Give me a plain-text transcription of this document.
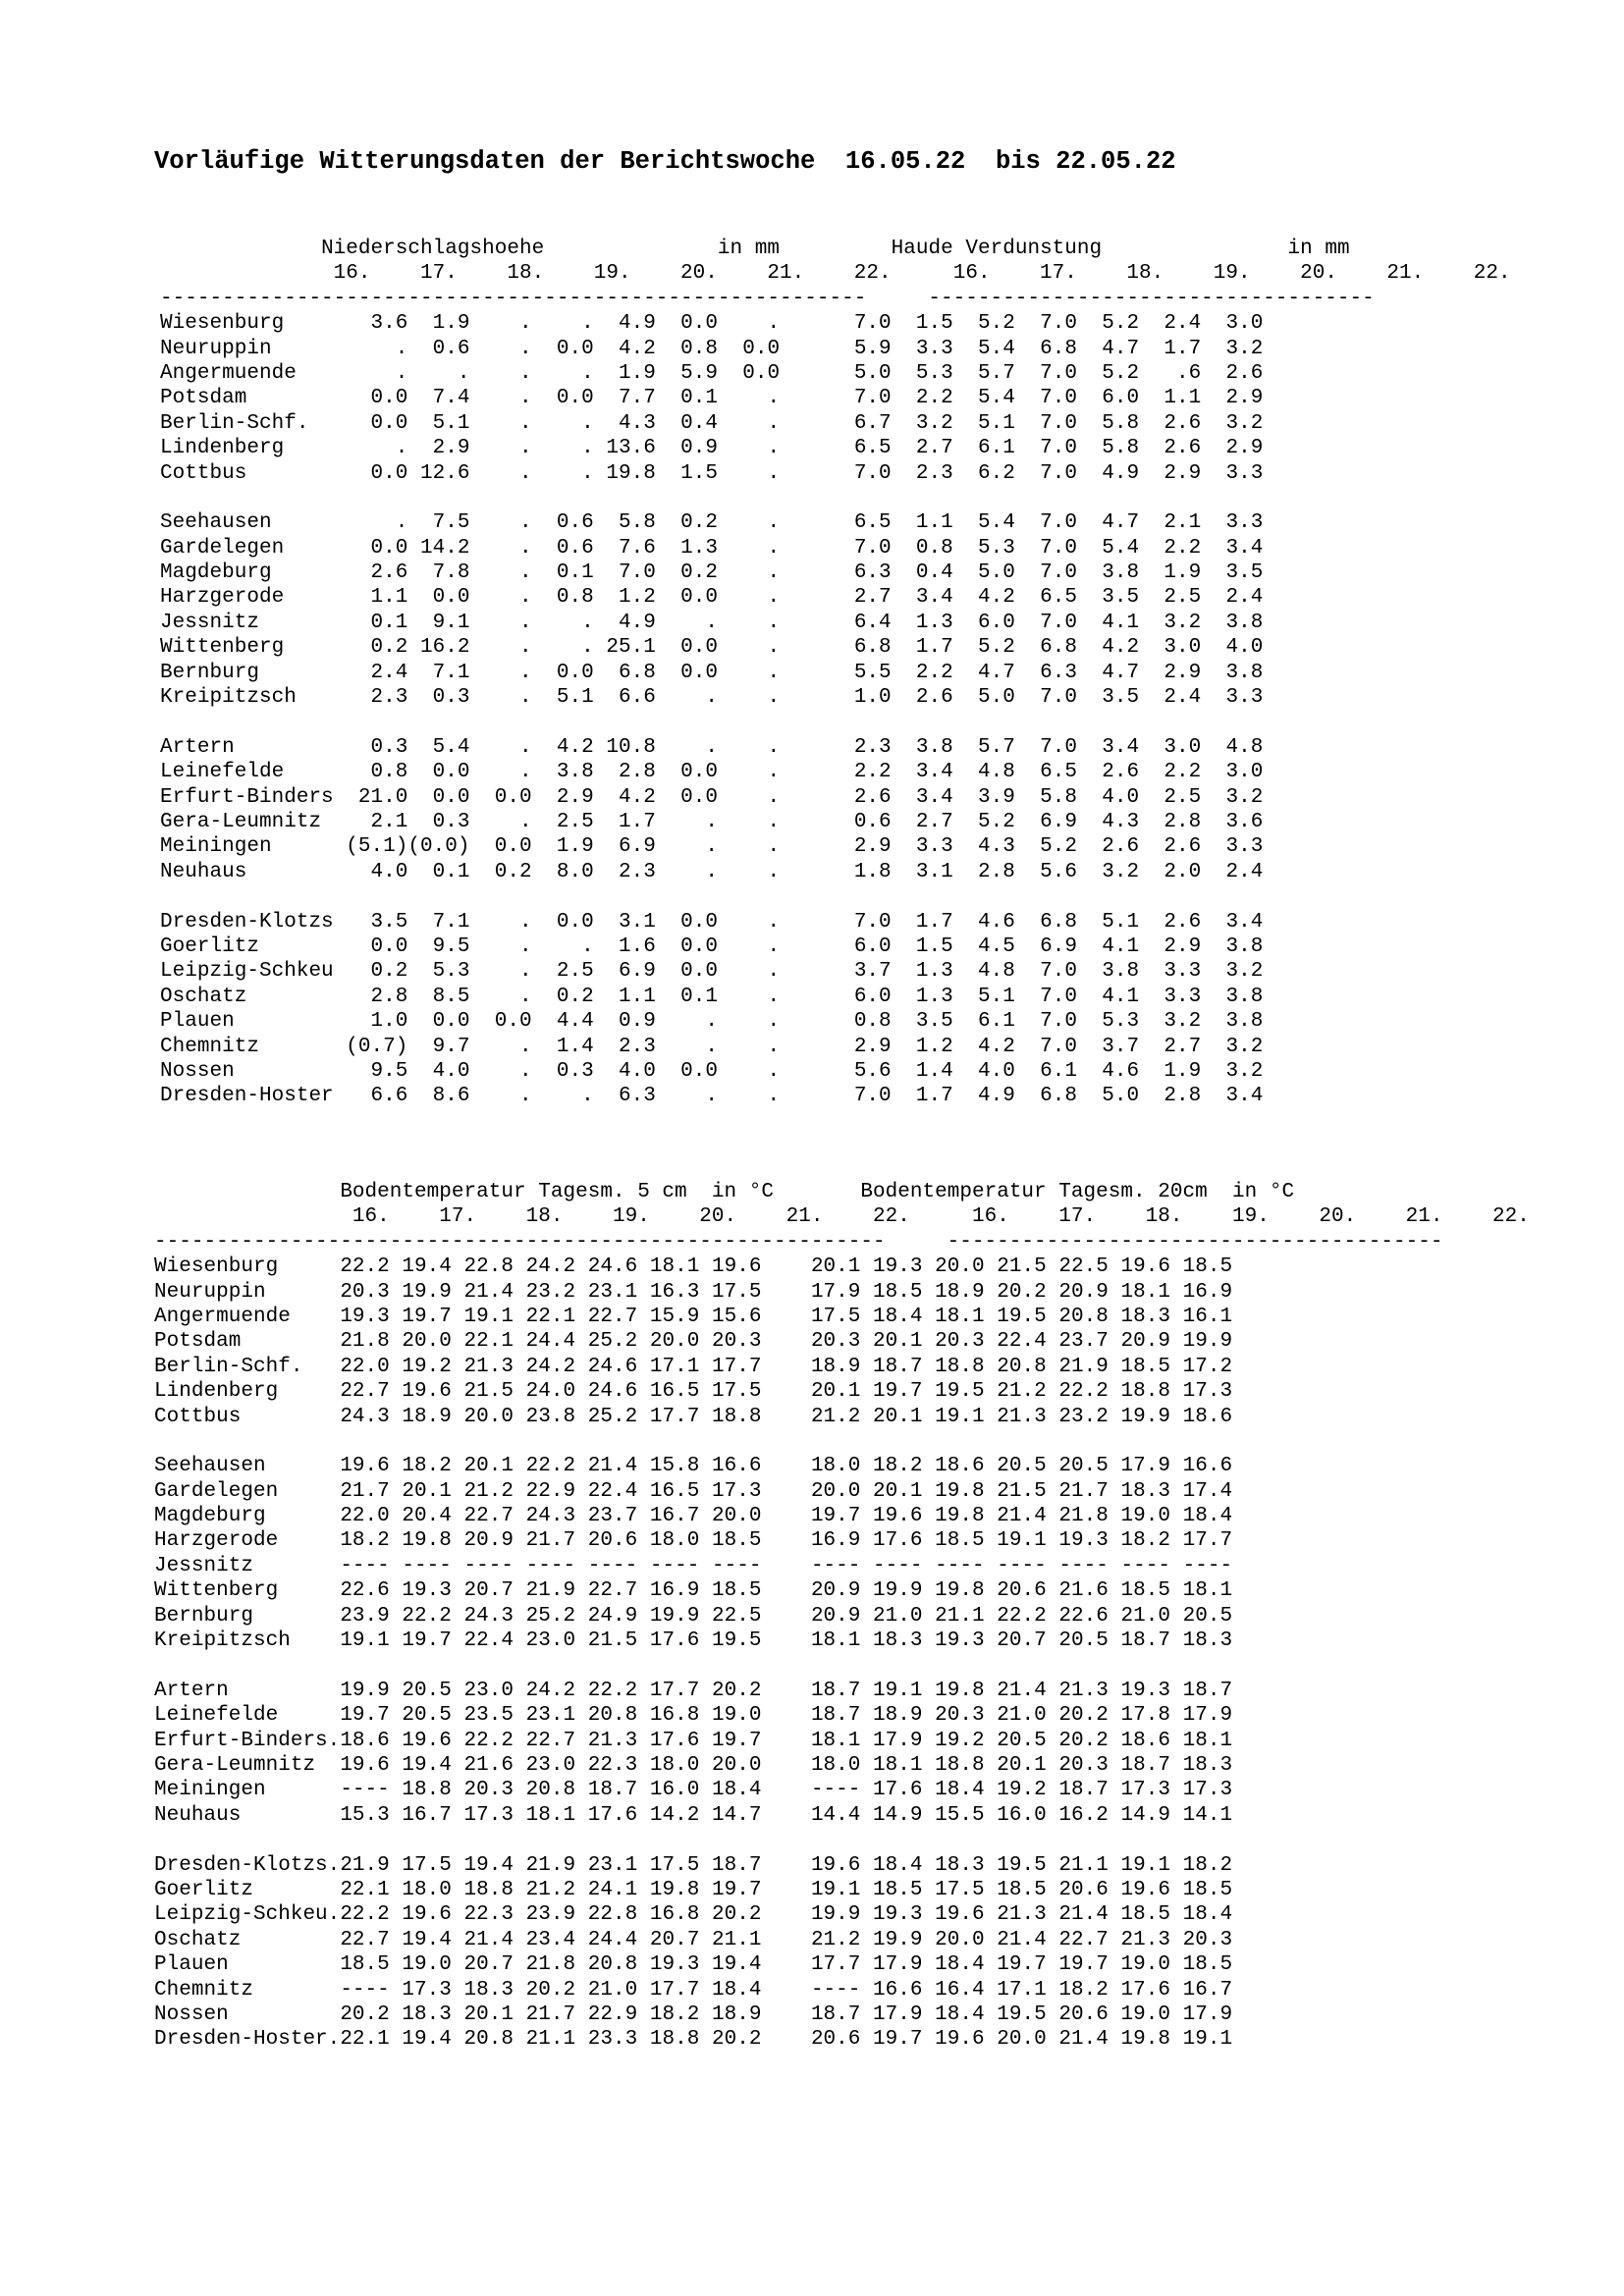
Vorläufige Witterungsdaten der Berichtswoche  16.05.22  bis 22.05.22
Niederschlagshoehe	in mm	Haude Verdunstung	in mm
16.    17.    18.    19.    20.    21.    22.     16.    17.    18.    19.    20.    21.    22.
---------------------------------------------------------     ------------------------------------
Wiesenburg       3.6  1.9    .    .  4.9  0.0    .      7.0  1.5  5.2  7.0  5.2  2.4  3.0
Neuruppin          .  0.6    .  0.0  4.2  0.8  0.0      5.9  3.3  5.4  6.8  4.7  1.7  3.2
Angermuende        .    .    .    .  1.9  5.9  0.0      5.0  5.3  5.7  7.0  5.2   .6  2.6
Potsdam          0.0  7.4    .  0.0  7.7  0.1    .      7.0  2.2  5.4  7.0  6.0  1.1  2.9
Berlin-Schf.     0.0  5.1    .    .  4.3  0.4    .      6.7  3.2  5.1  7.0  5.8  2.6  3.2
Lindenberg         .  2.9    .    . 13.6  0.9    .      6.5  2.7  6.1  7.0  5.8  2.6  2.9
Cottbus          0.0 12.6    .    . 19.8  1.5    .      7.0  2.3  6.2  7.0  4.9  2.9  3.3
Seehausen          .  7.5    .  0.6  5.8  0.2    .      6.5  1.1  5.4  7.0  4.7  2.1  3.3
Gardelegen       0.0 14.2    .  0.6  7.6  1.3    .      7.0  0.8  5.3  7.0  5.4  2.2  3.4
Magdeburg        2.6  7.8    .  0.1  7.0  0.2    .      6.3  0.4  5.0  7.0  3.8  1.9  3.5
Harzgerode       1.1  0.0    .  0.8  1.2  0.0    .      2.7  3.4  4.2  6.5  3.5  2.5  2.4
Jessnitz         0.1  9.1    .    .  4.9    .    .      6.4  1.3  6.0  7.0  4.1  3.2  3.8
Wittenberg       0.2 16.2    .    . 25.1  0.0    .      6.8  1.7  5.2  6.8  4.2  3.0  4.0
Bernburg         2.4  7.1    .  0.0  6.8  0.0    .      5.5  2.2  4.7  6.3  4.7  2.9  3.8
Kreipitzsch      2.3  0.3    .  5.1  6.6    .    .      1.0  2.6  5.0  7.0  3.5  2.4  3.3
Artern           0.3  5.4    .  4.2 10.8    .    .      2.3  3.8  5.7  7.0  3.4  3.0  4.8
Leinefelde       0.8  0.0    .  3.8  2.8  0.0    .      2.2  3.4  4.8  6.5  2.6  2.2  3.0
Erfurt-Binders  21.0  0.0  0.0  2.9  4.2  0.0    .      2.6  3.4  3.9  5.8  4.0  2.5  3.2
Gera-Leumnitz    2.1  0.3    .  2.5  1.7    .    .      0.6  2.7  5.2  6.9  4.3  2.8  3.6
Meiningen      (5.1)(0.0)  0.0  1.9  6.9    .    .      2.9  3.3  4.3  5.2  2.6  2.6  3.3
Neuhaus          4.0  0.1  0.2  8.0  2.3    .    .      1.8  3.1  2.8  5.6  3.2  2.0  2.4
Dresden-Klotzs   3.5  7.1    .  0.0  3.1  0.0    .      7.0  1.7  4.6  6.8  5.1  2.6  3.4
Goerlitz         0.0  9.5    .    .  1.6  0.0    .      6.0  1.5  4.5  6.9  4.1  2.9  3.8
Leipzig-Schkeu   0.2  5.3    .  2.5  6.9  0.0    .      3.7  1.3  4.8  7.0  3.8  3.3  3.2
Oschatz          2.8  8.5    .  0.2  1.1  0.1    .      6.0  1.3  5.1  7.0  4.1  3.3  3.8
Plauen           1.0  0.0  0.0  4.4  0.9    .    .      0.8  3.5  6.1  7.0  5.3  3.2  3.8
Chemnitz       (0.7)  9.7    .  1.4  2.3    .    .      2.9  1.2  4.2  7.0  3.7  2.7  3.2
Nossen           9.5  4.0    .  0.3  4.0  0.0    .      5.6  1.4  4.0  6.1  4.6  1.9  3.2
Dresden-Hoster   6.6  8.6    .    .  6.3    .    .      7.0  1.7  4.9  6.8  5.0  2.8  3.4
Bodentemperatur Tagesm. 5 cm in °C	Bodentemperatur Tagesm. 20cm in °C
16.    17.    18.    19.    20.    21.    22.     16.    17.    18.    19.    20.    21.    22.
-----------------------------------------------------------     ----------------------------------------
Wiesenburg     22.2 19.4 22.8 24.2 24.6 18.1 19.6 20.1 19.3 20.0 21.5 22.5 19.6 18.5
Neuruppin      20.3 19.9 21.4 23.2 23.1 16.3 17.5 17.9 18.5 18.9 20.2 20.9 18.1 16.9
Angermuende    19.3 19.7 19.1 22.1 22.7 15.9 15.6 17.5 18.4 18.1 19.5 20.8 18.3 16.1
Potsdam        21.8 20.0 22.1 24.4 25.2 20.0 20.3 20.3 20.1 20.3 22.4 23.7 20.9 19.9
Berlin-Schf.   22.0 19.2 21.3 24.2 24.6 17.1 17.7 18.9 18.7 18.8 20.8 21.9 18.5 17.2
Lindenberg     22.7 19.6 21.5 24.0 24.6 16.5 17.5 20.1 19.7 19.5 21.2 22.2 18.8 17.3
Cottbus        24.3 18.9 20.0 23.8 25.2 17.7 18.8 21.2 20.1 19.1 21.3 23.2 19.9 18.6
Seehausen      19.6 18.2 20.1 22.2 21.4 15.8 16.6 18.0 18.2 18.6 20.5 20.5 17.9 16.6
Gardelegen     21.7 20.1 21.2 22.9 22.4 16.5 17.3 20.0 20.1 19.8 21.5 21.7 18.3 17.4
Magdeburg      22.0 20.4 22.7 24.3 23.7 16.7 20.0 19.7 19.6 19.8 21.4 21.8 19.0 18.4
Harzgerode     18.2 19.8 20.9 21.7 20.6 18.0 18.5 16.9 17.6 18.5 19.1 19.3 18.2 17.7
Jessnitz       ---- ---- ---- ---- ---- ---- ---- ---- ---- ---- ---- ---- ---- ----
Wittenberg     22.6 19.3 20.7 21.9 22.7 16.9 18.5 20.9 19.9 19.8 20.6 21.6 18.5 18.1
Bernburg       23.9 22.2 24.3 25.2 24.9 19.9 22.5 20.9 21.0 21.1 22.2 22.6 21.0 20.5
Kreipitzsch    19.1 19.7 22.4 23.0 21.5 17.6 19.5 18.1 18.3 19.3 20.7 20.5 18.7 18.3
Artern         19.9 20.5 23.0 24.2 22.2 17.7 20.2 18.7 19.1 19.8 21.4 21.3 19.3 18.7
Leinefelde     19.7 20.5 23.5 23.1 20.8 16.8 19.0 18.7 18.9 20.3 21.0 20.2 17.8 17.9
Erfurt-Binders.18.6 19.6 22.2 22.7 21.3 17.6 19.7 18.1 17.9 19.2 20.5 20.2 18.6 18.1
Gera-Leumnitz  19.6 19.4 21.6 23.0 22.3 18.0 20.0 18.0 18.1 18.8 20.1 20.3 18.7 18.3
Meiningen      ---- 18.8 20.3 20.8 18.7 16.0 18.4 ---- 17.6 18.4 19.2 18.7 17.3 17.3
Neuhaus        15.3 16.7 17.3 18.1 17.6 14.2 14.7 14.4 14.9 15.5 16.0 16.2 14.9 14.1
Dresden-Klotzs.21.9 17.5 19.4 21.9 23.1 17.5 18.7 19.6 18.4 18.3 19.5 21.1 19.1 18.2
Goerlitz       22.1 18.0 18.8 21.2 24.1 19.8 19.7 19.1 18.5 17.5 18.5 20.6 19.6 18.5
Leipzig-Schkeu.22.2 19.6 22.3 23.9 22.8 16.8 20.2 19.9 19.3 19.6 21.3 21.4 18.5 18.4
Oschatz        22.7 19.4 21.4 23.4 24.4 20.7 21.1 21.2 19.9 20.0 21.4 22.7 21.3 20.3
Plauen         18.5 19.0 20.7 21.8 20.8 19.3 19.4 17.7 17.9 18.4 19.7 19.7 19.0 18.5
Chemnitz       ---- 17.3 18.3 20.2 21.0 17.7 18.4 ---- 16.6 16.4 17.1 18.2 17.6 16.7
Nossen         20.2 18.3 20.1 21.7 22.9 18.2 18.9 18.7 17.9 18.4 19.5 20.6 19.0 17.9
Dresden-Hoster.22.1 19.4 20.8 21.1 23.3 18.8 20.2 20.6 19.7 19.6 20.0 21.4 19.8 19.1
